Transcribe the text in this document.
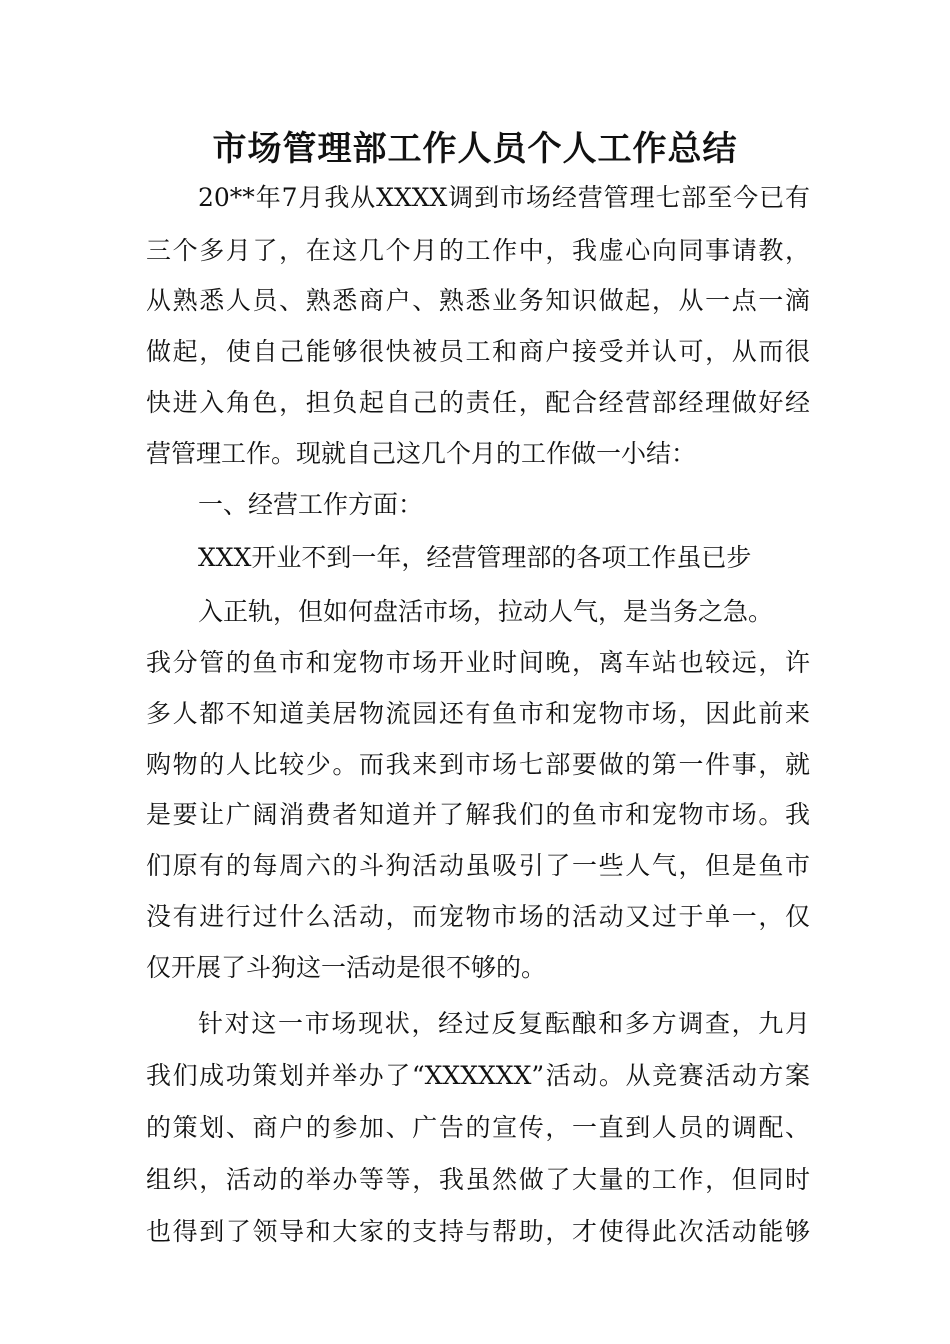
市场管理部工作人员个人工作总结

20**年7月我从XXXX调到市场经营管理七部至今已有

三个多月了，在这几个月的工作中，我虚心向同事请教，

从熟悉人员、熟悉商户、熟悉业务知识做起，从一点一滴

做起，使自己能够很快被员工和商户接受并认可，从而很

快进入角色，担负起自己的责任，配合经营部经理做好经

营管理工作。现就自己这几个月的工作做一小结：

一、经营工作方面：

XXX开业不到一年，经营管理部的各项工作虽已步

入正轨，但如何盘活市场，拉动人气，是当务之急。

我分管的鱼市和宠物市场开业时间晚，离车站也较远，许

多人都不知道美居物流园还有鱼市和宠物市场，因此前来

购物的人比较少。而我来到市场七部要做的第一件事，就

是要让广阔消费者知道并了解我们的鱼市和宠物市场。我

们原有的每周六的斗狗活动虽吸引了一些人气，但是鱼市

没有进行过什么活动，而宠物市场的活动又过于单一，仅

仅开展了斗狗这一活动是很不够的。

针对这一市场现状，经过反复酝酿和多方调查，九月

我们成功策划并举办了“XXXXXX”活动。从竞赛活动方案

的策划、商户的参加、广告的宣传，一直到人员的调配、

组织，活动的举办等等，我虽然做了大量的工作，但同时

也得到了领导和大家的支持与帮助，才使得此次活动能够
